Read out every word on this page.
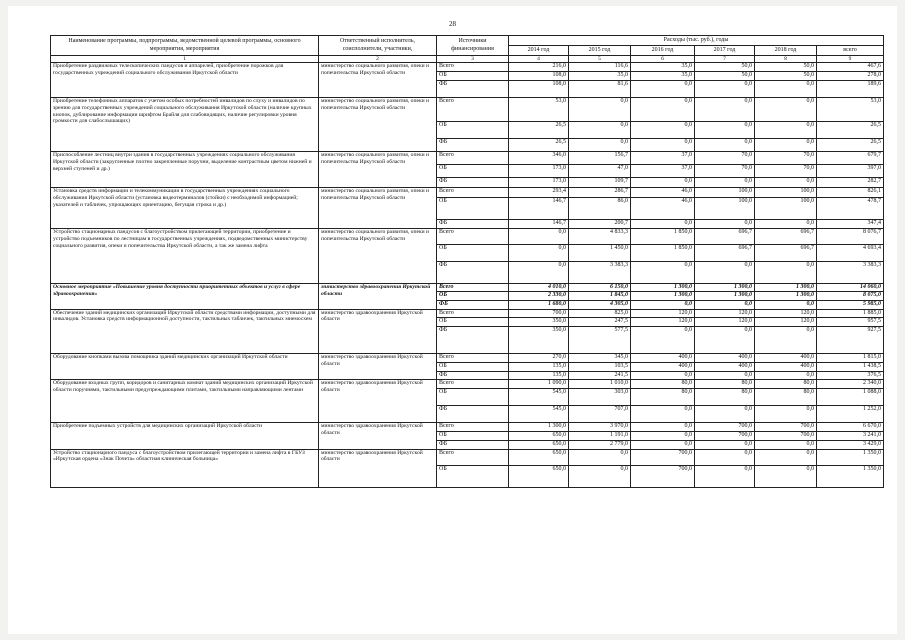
28
Наименование программы, подпрограммы, ведомственной целевой программы, основного мероприятия, мероприятия	Ответственный исполнитель, соисполнители, участники,	Источники финансирования	Расходы (тыс. руб.), годы					
			2014 год	2015 год	2016 год	2017 год	2018 год	всего
1	2	3	4	5	6	7	8	9
Приобретение раздвижных телескопических пандусов и аппарелей, приобретение порожков для государственных учреждений социального обслуживания Иркутской области	министерство социального развития, опеки и попечительства Иркутской области	Всего	216,0	116,6	35,0	50,0	50,0	467,6
		ОБ	108,0	35,0	35,0	50,0	50,0	278,0
		ФБ	108,0	81,6	0,0	0,0	0,0	189,6
Приобретение телефонных аппаратов с учетом особых потребностей инвалидов по слуху и инвалидов по зрению для государственных учреждений социального обслуживания Иркутской области (наличие крупных кнопок, дублирование информации шрифтом Брайля для слабовидящих, наличие регулировки уровня громкости для слабослышащих)	министерство социального развития, опеки и попечительства Иркутской области	Всего	53,0	0,0	0,0	0,0	0,0	53,0
		ОБ	26,5	0,0	0,0	0,0	0,0	26,5
		ФБ	26,5	0,0	0,0	0,0	0,0	26,5
Приспособление лестниц внутри здания в государственных учреждениях социального обслуживания Иркутской области (закругленные плотно закрепленные поручни, выделение контрастным цветом нижней и верхней ступеней и др.)	министерство социального развития, опеки и попечительства Иркутской области	Всего	346,0	156,7	37,0	70,0	70,0	679,7
		ОБ	173,0	47,0	37,0	70,0	70,0	397,0
		ФБ	173,0	109,7	0,0	0,0	0,0	282,7
Установка средств информации и телекоммуникации в государственных учреждениях социального обслуживания Иркутской области (установка видеотерминалов (стойки) с необходимой информацией; указателей и табличек, упрощающих ориентацию, бегущая строка и др.)	министерство социального развития, опеки и попечительства Иркутской области	Всего	293,4	286,7	46,0	100,0	100,0	826,1
		ОБ	146,7	86,0	46,0	100,0	100,0	478,7
		ФБ	146,7	200,7	0,0	0,0	0,0	347,4
Устройство стационарных пандусов с благоустройством прилегающей территории, приобретение и устройство подъемников по лестницам в государственных учреждениях, подведомственных министерству социального развития, опеки и попечительства Иркутской области, а так же замена лифта	министерство социального развития, опеки и попечительства Иркутской области	Всего	0,0	4 833,3	1 850,0	696,7	696,7	8 076,7
		ОБ	0,0	1 450,0	1 850,0	696,7	696,7	4 693,4
		ФБ	0,0	3 383,3	0,0	0,0	0,0	3 383,3
Основное мероприятие «Повышение уровня доступности приоритетных объектов и услуг в сфере здравоохранения»	министерство здравоохранения Иркутской области	Всего	4 010,0	6 150,0	1 300,0	1 300,0	1 300,0	14 060,0
		ОБ	2 330,0	1 845,0	1 300,0	1 300,0	1 300,0	8 075,0
		ФБ	1 680,0	4 305,0	0,0	0,0	0,0	5 985,0
Обеспечение зданий медицинских организаций Иркутской области средствами информации, доступными для инвалидов. Установка средств информационной доступности, тактильных табличек, тактильных мнемосхем	министерство здравоохранения Иркутской области	Всего	700,0	825,0	120,0	120,0	120,0	1 885,0
		ОБ	350,0	247,5	120,0	120,0	120,0	957,5
		ФБ	350,0	577,5	0,0	0,0	0,0	927,5
Оборудование кнопками вызова помощника зданий медицинских организаций Иркутской области	министерство здравоохранения Иркутской области	Всего	270,0	345,0	400,0	400,0	400,0	1 815,0
		ОБ	135,0	103,5	400,0	400,0	400,0	1 438,5
		ФБ	135,0	241,5	0,0	0,0	0,0	376,5
Оборудование входных групп, коридоров и санитарных комнат зданий медицинских организаций Иркутской области поручнями, тактильными предупреждающими плитами, тактильными направляющими лентами	министерство здравоохранения Иркутской области	Всего	1 090,0	1 010,0	80,0	80,0	80,0	2 340,0
		ОБ	545,0	303,0	80,0	80,0	80,0	1 088,0
		ФБ	545,0	707,0	0,0	0,0	0,0	1 252,0
Приобретение подъемных устройств для медицинских организаций Иркутской области	министерство здравоохранения Иркутской области	Всего	1 300,0	3 970,0	0,0	700,0	700,0	6 670,0
		ОБ	650,0	1 191,0	0,0	700,0	700,0	3 241,0
		ФБ	650,0	2 779,0	0,0	0,0	0,0	3 429,0
Устройство стационарного пандуса с благоустройством прилегающей территории и замена лифта в ГБУЗ «Иркутская ордена «Знак Почета» областная клиническая больница»	министерство здравоохранения Иркутской области	Всего	650,0	0,0	700,0	0,0	0,0	1 350,0
		ОБ	650,0	0,0	700,0	0,0	0,0	1 350,0
